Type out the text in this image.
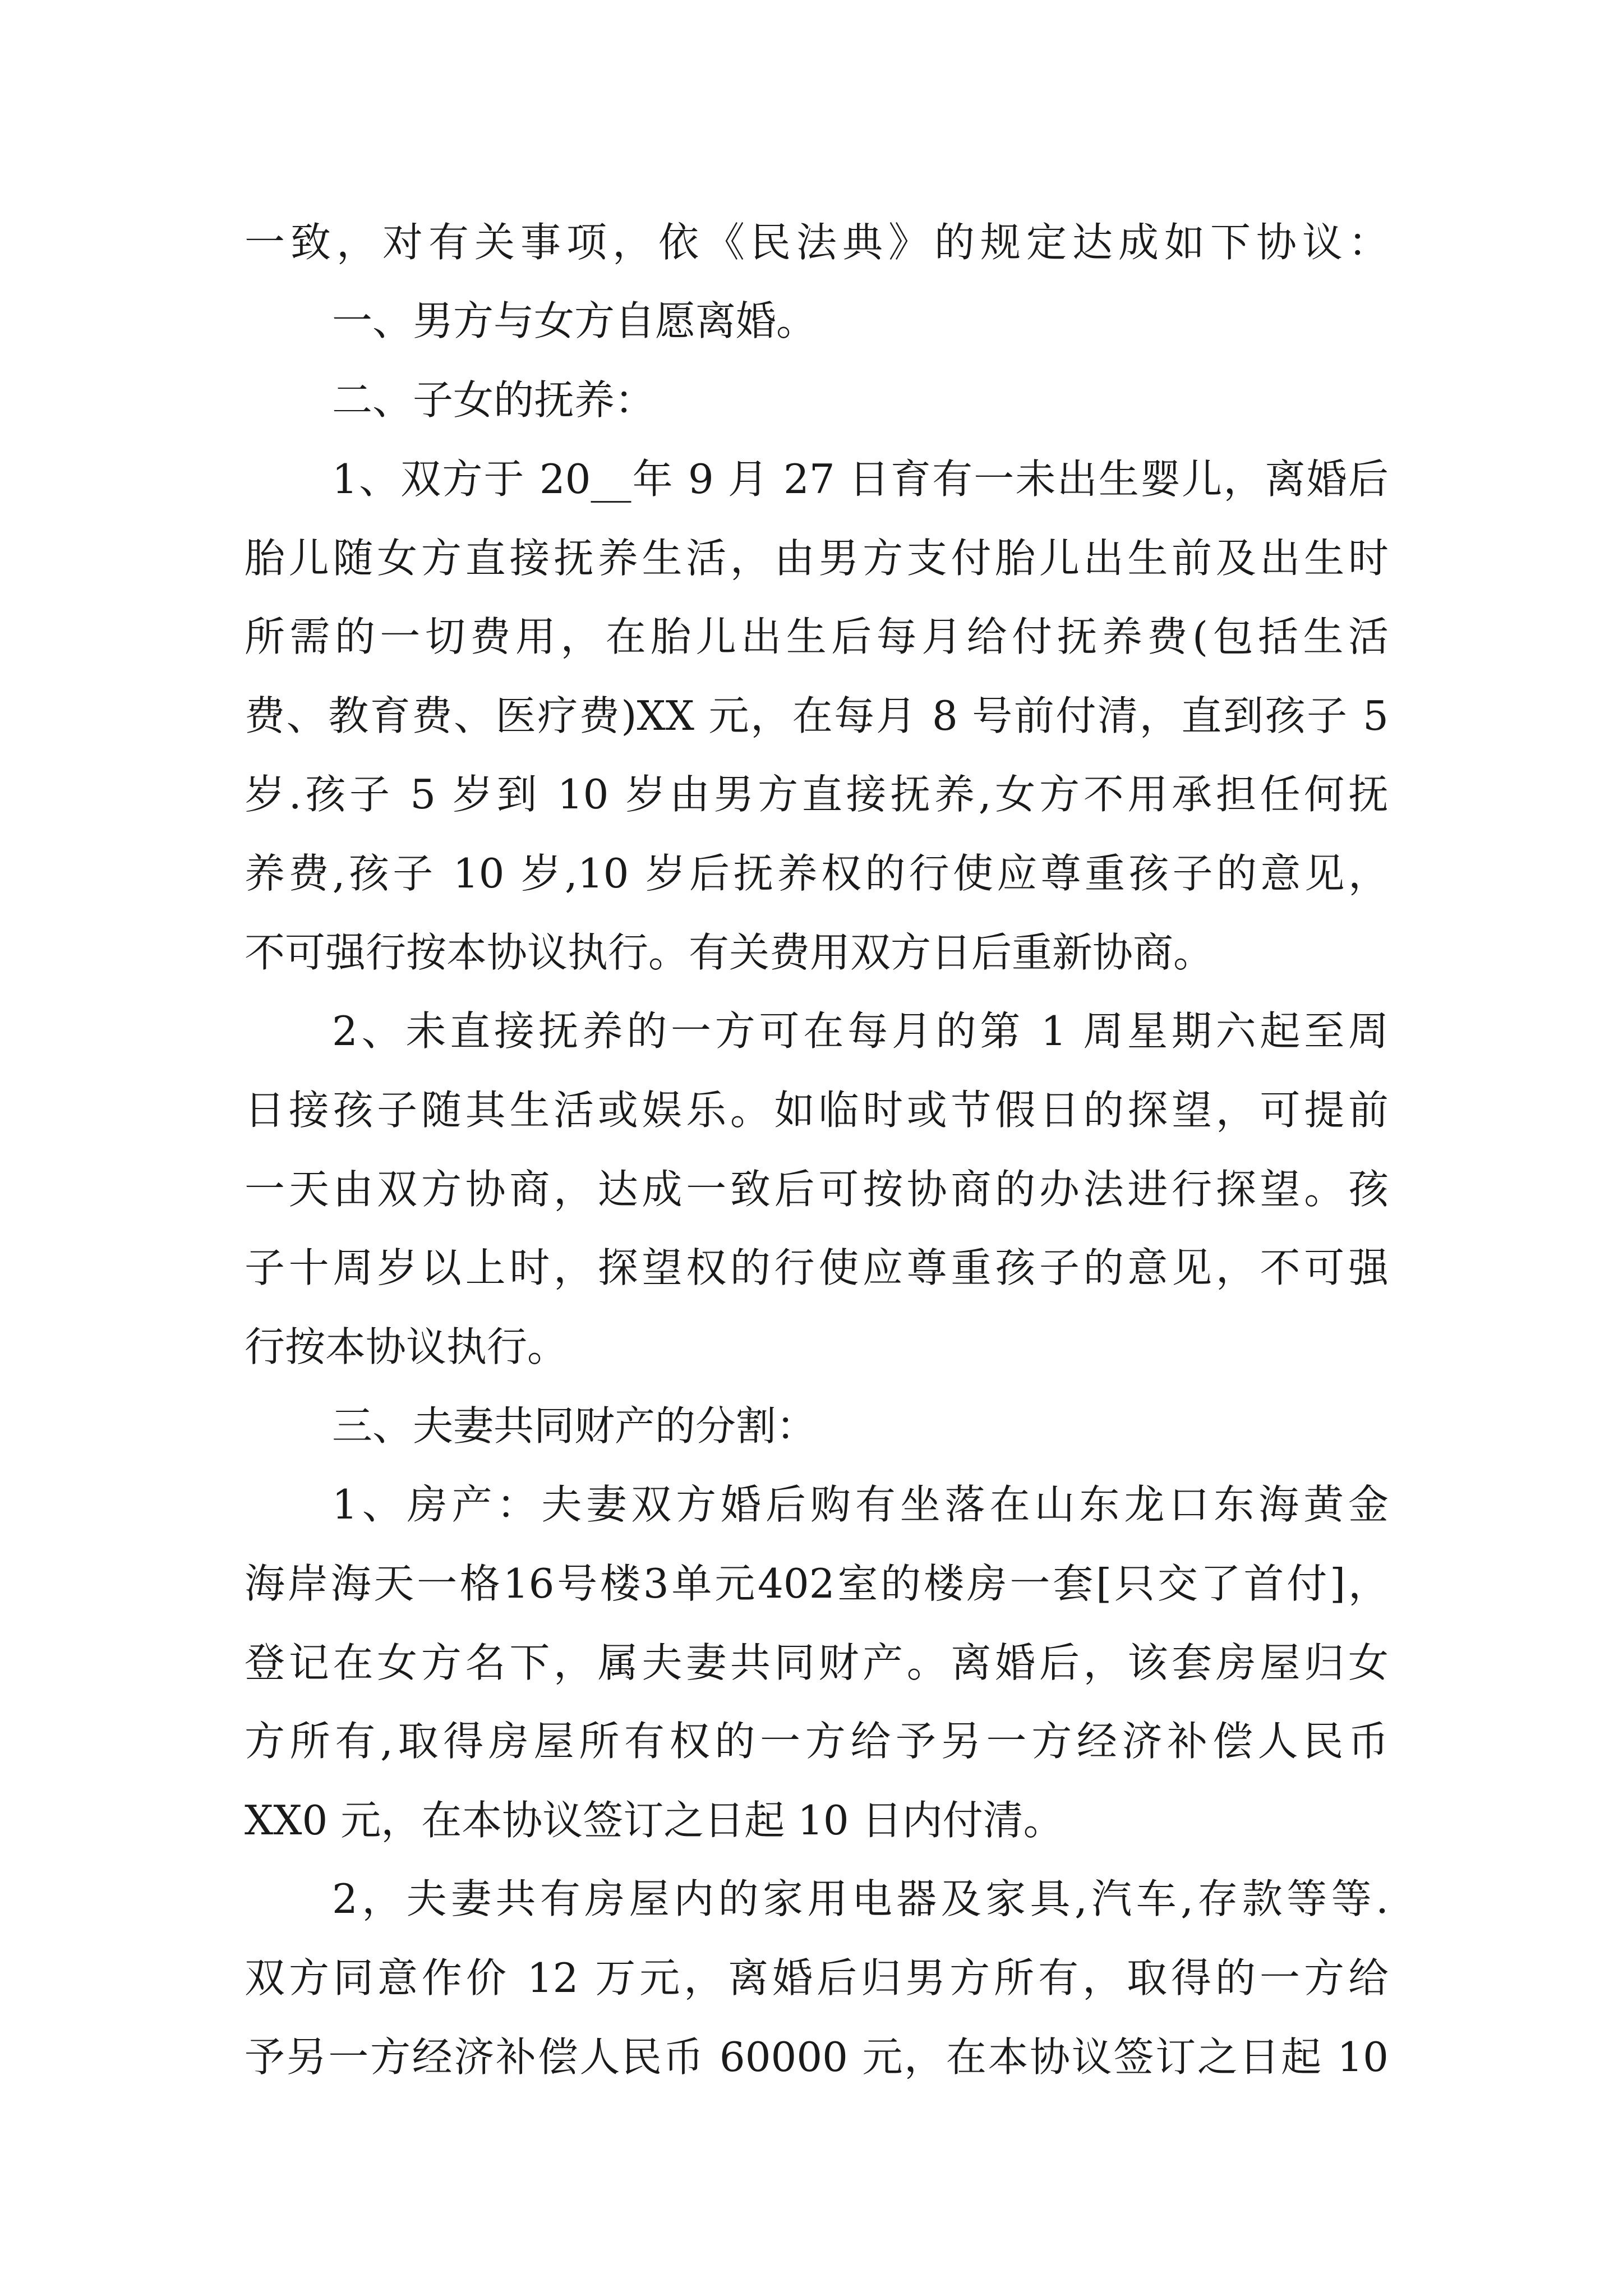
一致，对有关事项，依《民法典》的规定达成如下协议：
一、男方与女方自愿离婚。
二、子女的抚养：
1、双方于 20__年 9 月 27 日育有一未出生婴儿，离婚后
胎儿随女方直接抚养生活，由男方支付胎儿出生前及出生时
所需的一切费用，在胎儿出生后每月给付抚养费(包括生活
费、教育费、医疗费)XX 元，在每月 8 号前付清，直到孩子 5
岁.孩子 5 岁到 10 岁由男方直接抚养,女方不用承担任何抚
养费,孩子 10 岁,10 岁后抚养权的行使应尊重孩子的意见，
不可强行按本协议执行。有关费用双方日后重新协商。
2、未直接抚养的一方可在每月的第 1 周星期六起至周
日接孩子随其生活或娱乐。如临时或节假日的探望，可提前
一天由双方协商，达成一致后可按协商的办法进行探望。孩
子十周岁以上时，探望权的行使应尊重孩子的意见，不可强
行按本协议执行。
三、夫妻共同财产的分割：
1、房产：夫妻双方婚后购有坐落在山东龙口东海黄金
海岸海天一格16号楼3单元402室的楼房一套[只交了首付]，
登记在女方名下，属夫妻共同财产。离婚后，该套房屋归女
方所有,取得房屋所有权的一方给予另一方经济补偿人民币
XX0 元，在本协议签订之日起 10 日内付清。
2，夫妻共有房屋内的家用电器及家具,汽车,存款等等.
双方同意作价 12 万元，离婚后归男方所有，取得的一方给
予另一方经济补偿人民币 60000 元，在本协议签订之日起 10
